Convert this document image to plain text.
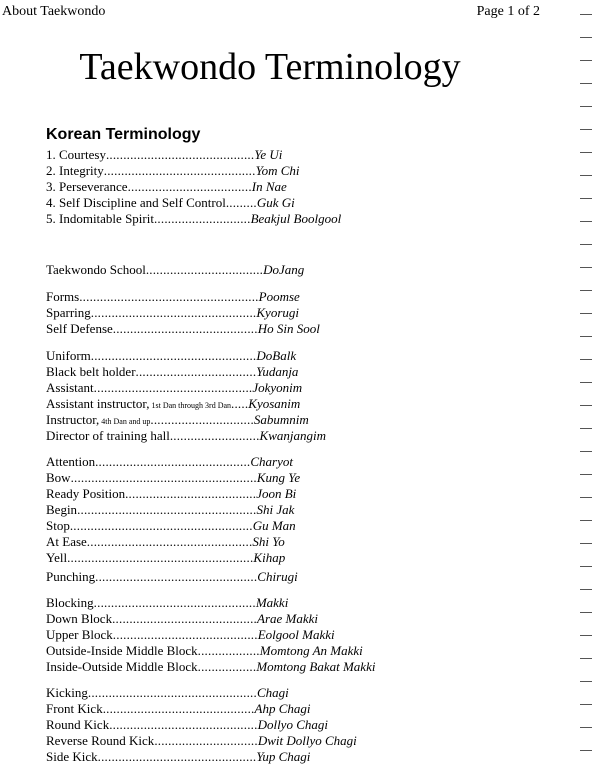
About Taekwondo	Page 1 of 2
Taekwondo Terminology
Korean Terminology
1. Courtesy...........................................Ye Ui
2. Integrity............................................Yom Chi
3. Perseverance....................................In Nae
4. Self Discipline and Self Control.........Guk Gi
5. Indomitable Spirit............................Beakjul Boolgool
Taekwondo School..................................DoJang
Forms....................................................Poomse
Sparring................................................Kyorugi
Self Defense..........................................Ho Sin Sool
Uniform................................................DoBalk
Black belt holder...................................Yudanja
Assistant..............................................Jokyonim
Assistant instructor, 1st Dan through 3rd Dan.....Kyosanim
Instructor, 4th Dan and up..............................Sabumnim
Director of training hall..........................Kwanjangim
Attention.............................................Charyot
Bow......................................................Kung Ye
Ready Position......................................Joon Bi
Begin....................................................Shi Jak
Stop.....................................................Gu Man
At Ease................................................Shi Yo
Yell......................................................Kihap
Punching...............................................Chirugi
Blocking...............................................Makki
Down Block..........................................Arae Makki
Upper Block..........................................Eolgool Makki
Outside-Inside Middle Block..................Momtong An Makki
Inside-Outside Middle Block.................Momtong Bakat Makki
Kicking.................................................Chagi
Front Kick............................................Ahp Chagi
Round Kick...........................................Dollyo Chagi
Reverse Round Kick..............................Dwit Dollyo Chagi
Side Kick..............................................Yup Chagi
